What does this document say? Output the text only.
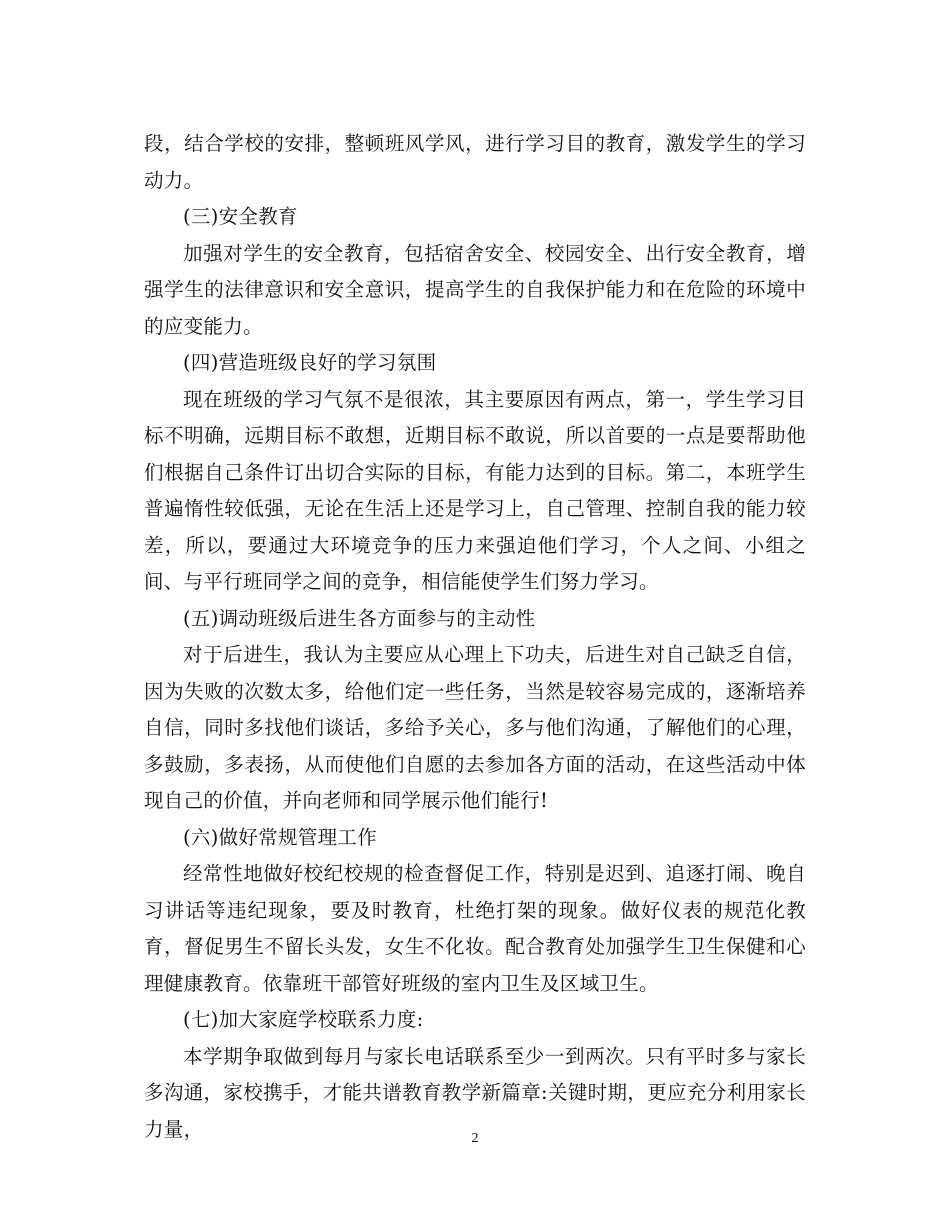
段，结合学校的安排，整顿班风学风，进行学习目的教育，激发学生的学习动力。

(三)安全教育

加强对学生的安全教育，包括宿舍安全、校园安全、出行安全教育，增强学生的法律意识和安全意识，提高学生的自我保护能力和在危险的环境中的应变能力。

(四)营造班级良好的学习氛围

现在班级的学习气氛不是很浓，其主要原因有两点，第一，学生学习目标不明确，远期目标不敢想，近期目标不敢说，所以首要的一点是要帮助他们根据自己条件订出切合实际的目标，有能力达到的目标。第二，本班学生普遍惰性较低强，无论在生活上还是学习上，自己管理、控制自我的能力较差，所以，要通过大环境竞争的压力来强迫他们学习，个人之间、小组之间、与平行班同学之间的竞争，相信能使学生们努力学习。

(五)调动班级后进生各方面参与的主动性

对于后进生，我认为主要应从心理上下功夫，后进生对自己缺乏自信，因为失败的次数太多，给他们定一些任务，当然是较容易完成的，逐渐培养自信，同时多找他们谈话，多给予关心，多与他们沟通，了解他们的心理，多鼓励，多表扬，从而使他们自愿的去参加各方面的活动，在这些活动中体现自己的价值，并向老师和同学展示他们能行!

(六)做好常规管理工作

经常性地做好校纪校规的检查督促工作，特别是迟到、追逐打闹、晚自习讲话等违纪现象，要及时教育，杜绝打架的现象。做好仪表的规范化教育，督促男生不留长头发，女生不化妆。配合教育处加强学生卫生保健和心理健康教育。依靠班干部管好班级的室内卫生及区域卫生。

(七)加大家庭学校联系力度:

本学期争取做到每月与家长电话联系至少一到两次。只有平时多与家长多沟通，家校携手，才能共谱教育教学新篇章:关键时期，更应充分利用家长力量，	2
